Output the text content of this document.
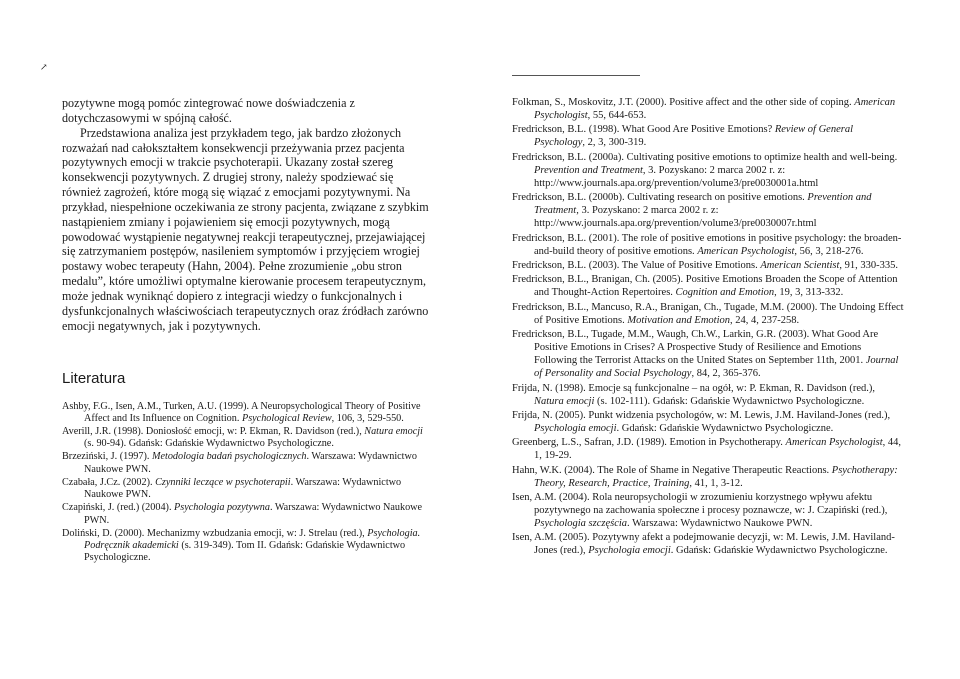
↗

pozytywne mogą pomóc zintegrować nowe doświadczenia z dotychczasowymi w spójną całość.

Przedstawiona analiza jest przykładem tego, jak bardzo złożonych rozważań nad całokształtem konsekwencji przeżywania przez pacjenta pozytywnych emocji w trakcie psychoterapii. Ukazany został szereg konsekwencji pozytywnych. Z drugiej strony, należy spodziewać się również zagrożeń, które mogą się wiązać z emocjami pozytywnymi. Na przykład, niespełnione oczekiwania ze strony pacjenta, związane z szybkim nastąpieniem zmiany i pojawieniem się emocji pozytywnych, mogą powodować wystąpienie negatywnej reakcji terapeutycznej, przejawiającej się zatrzymaniem postępów, nasileniem symptomów i przyjęciem wrogiej postawy wobec terapeuty (Hahn, 2004). Pełne zrozumienie „obu stron medalu”, które umożliwi optymalne kierowanie procesem terapeutycznym, może jednak wyniknąć dopiero z integracji wiedzy o funkcjonalnych i dysfunkcjonalnych właściwościach terapeutycznych oraz źródłach zarówno emocji negatywnych, jak i pozytywnych.

Literatura

Ashby, F.G., Isen, A.M., Turken, A.U. (1999). A Neuropsychological Theory of Positive Affect and Its Influence on Cognition. Psychological Review, 106, 3, 529-550.

Averill, J.R. (1998). Doniosłość emocji, w: P. Ekman, R. Davidson (red.), Natura emocji (s. 90-94). Gdańsk: Gdańskie Wydawnictwo Psychologiczne.

Brzeziński, J. (1997). Metodologia badań psychologicznych. Warszawa: Wydawnictwo Naukowe PWN.

Czabała, J.Cz. (2002). Czynniki leczące w psychoterapii. Warszawa: Wydawnictwo Naukowe PWN.

Czapiński, J. (red.) (2004). Psychologia pozytywna. Warszawa: Wydawnictwo Naukowe PWN.

Doliński, D. (2000). Mechanizmy wzbudzania emocji, w: J. Strelau (red.), Psychologia. Podręcznik akademicki (s. 319-349). Tom II. Gdańsk: Gdańskie Wydawnictwo Psychologiczne.

Folkman, S., Moskovitz, J.T. (2000). Positive affect and the other side of coping. American Psychologist, 55, 644-653.

Fredrickson, B.L. (1998). What Good Are Positive Emotions? Review of General Psychology, 2, 3, 300-319.

Fredrickson, B.L. (2000a). Cultivating positive emotions to optimize health and well-being. Prevention and Treatment, 3. Pozyskano: 2 marca 2002 r. z: http://www.journals.apa.org/prevention/volume3/pre0030001a.html

Fredrickson, B.L. (2000b). Cultivating research on positive emotions. Prevention and Treatment, 3. Pozyskano: 2 marca 2002 r. z: http://www.journals.apa.org/prevention/volume3/pre0030007r.html

Fredrickson, B.L. (2001). The role of positive emotions in positive psychology: the broaden-and-build theory of positive emotions. American Psychologist, 56, 3, 218-276.

Fredrickson, B.L. (2003). The Value of Positive Emotions. American Scientist, 91, 330-335.

Fredrickson, B.L., Branigan, Ch. (2005). Positive Emotions Broaden the Scope of Attention and Thought-Action Repertoires. Cognition and Emotion, 19, 3, 313-332.

Fredrickson, B.L., Mancuso, R.A., Branigan, Ch., Tugade, M.M. (2000). The Undoing Effect of Positive Emotions. Motivation and Emotion, 24, 4, 237-258.

Fredrickson, B.L., Tugade, M.M., Waugh, Ch.W., Larkin, G.R. (2003). What Good Are Positive Emotions in Crises? A Prospective Study of Resilience and Emotions Following the Terrorist Attacks on the United States on September 11th, 2001. Journal of Personality and Social Psychology, 84, 2, 365-376.

Frijda, N. (1998). Emocje są funkcjonalne – na ogół, w: P. Ekman, R. Davidson (red.), Natura emocji (s. 102-111). Gdańsk: Gdańskie Wydawnictwo Psychologiczne.

Frijda, N. (2005). Punkt widzenia psychologów, w: M. Lewis, J.M. Haviland-Jones (red.), Psychologia emocji. Gdańsk: Gdańskie Wydawnictwo Psychologiczne.

Greenberg, L.S., Safran, J.D. (1989). Emotion in Psychotherapy. American Psychologist, 44, 1, 19-29.

Hahn, W.K. (2004). The Role of Shame in Negative Therapeutic Reactions. Psychotherapy: Theory, Research, Practice, Training, 41, 1, 3-12.

Isen, A.M. (2004). Rola neuropsychologii w zrozumieniu korzystnego wpływu afektu pozytywnego na zachowania społeczne i procesy poznawcze, w: J. Czapiński (red.), Psychologia szczęścia. Warszawa: Wydawnictwo Naukowe PWN.

Isen, A.M. (2005). Pozytywny afekt a podejmowanie decyzji, w: M. Lewis, J.M. Haviland-Jones (red.), Psychologia emocji. Gdańsk: Gdańskie Wydawnictwo Psychologiczne.
